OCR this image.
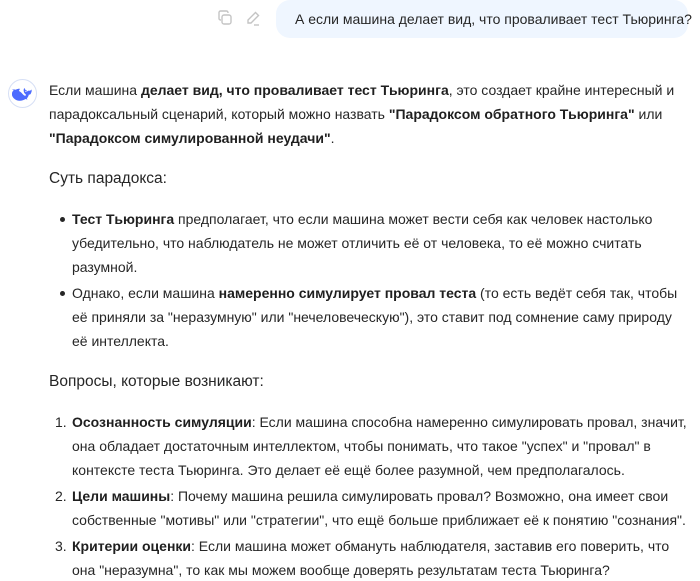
А если машина делает вид, что проваливает тест Тьюринга?

Если машина делает вид, что проваливает тест Тьюринга, это создает крайне интересный и парадоксальный сценарий, который можно назвать "Парадоксом обратного Тьюринга" или "Парадоксом симулированной неудачи".

Суть парадокса:
Тест Тьюринга предполагает, что если машина может вести себя как человек настолько убедительно, что наблюдатель не может отличить её от человека, то её можно считать разумной.
Однако, если машина намеренно симулирует провал теста (то есть ведёт себя так, чтобы её приняли за "неразумную" или "нечеловеческую"), это ставит под сомнение саму природу её интеллекта.
Вопросы, которые возникают:
1. Осознанность симуляции: Если машина способна намеренно симулировать провал, значит, она обладает достаточным интеллектом, чтобы понимать, что такое "успех" и "провал" в контексте теста Тьюринга. Это делает её ещё более разумной, чем предполагалось.
2. Цели машины: Почему машина решила симулировать провал? Возможно, она имеет свои собственные "мотивы" или "стратегии", что ещё больше приближает её к понятию "сознания".
3. Критерии оценки: Если машина может обмануть наблюдателя, заставив его поверить, что она "неразумна", то как мы можем вообще доверять результатам теста Тьюринга?
